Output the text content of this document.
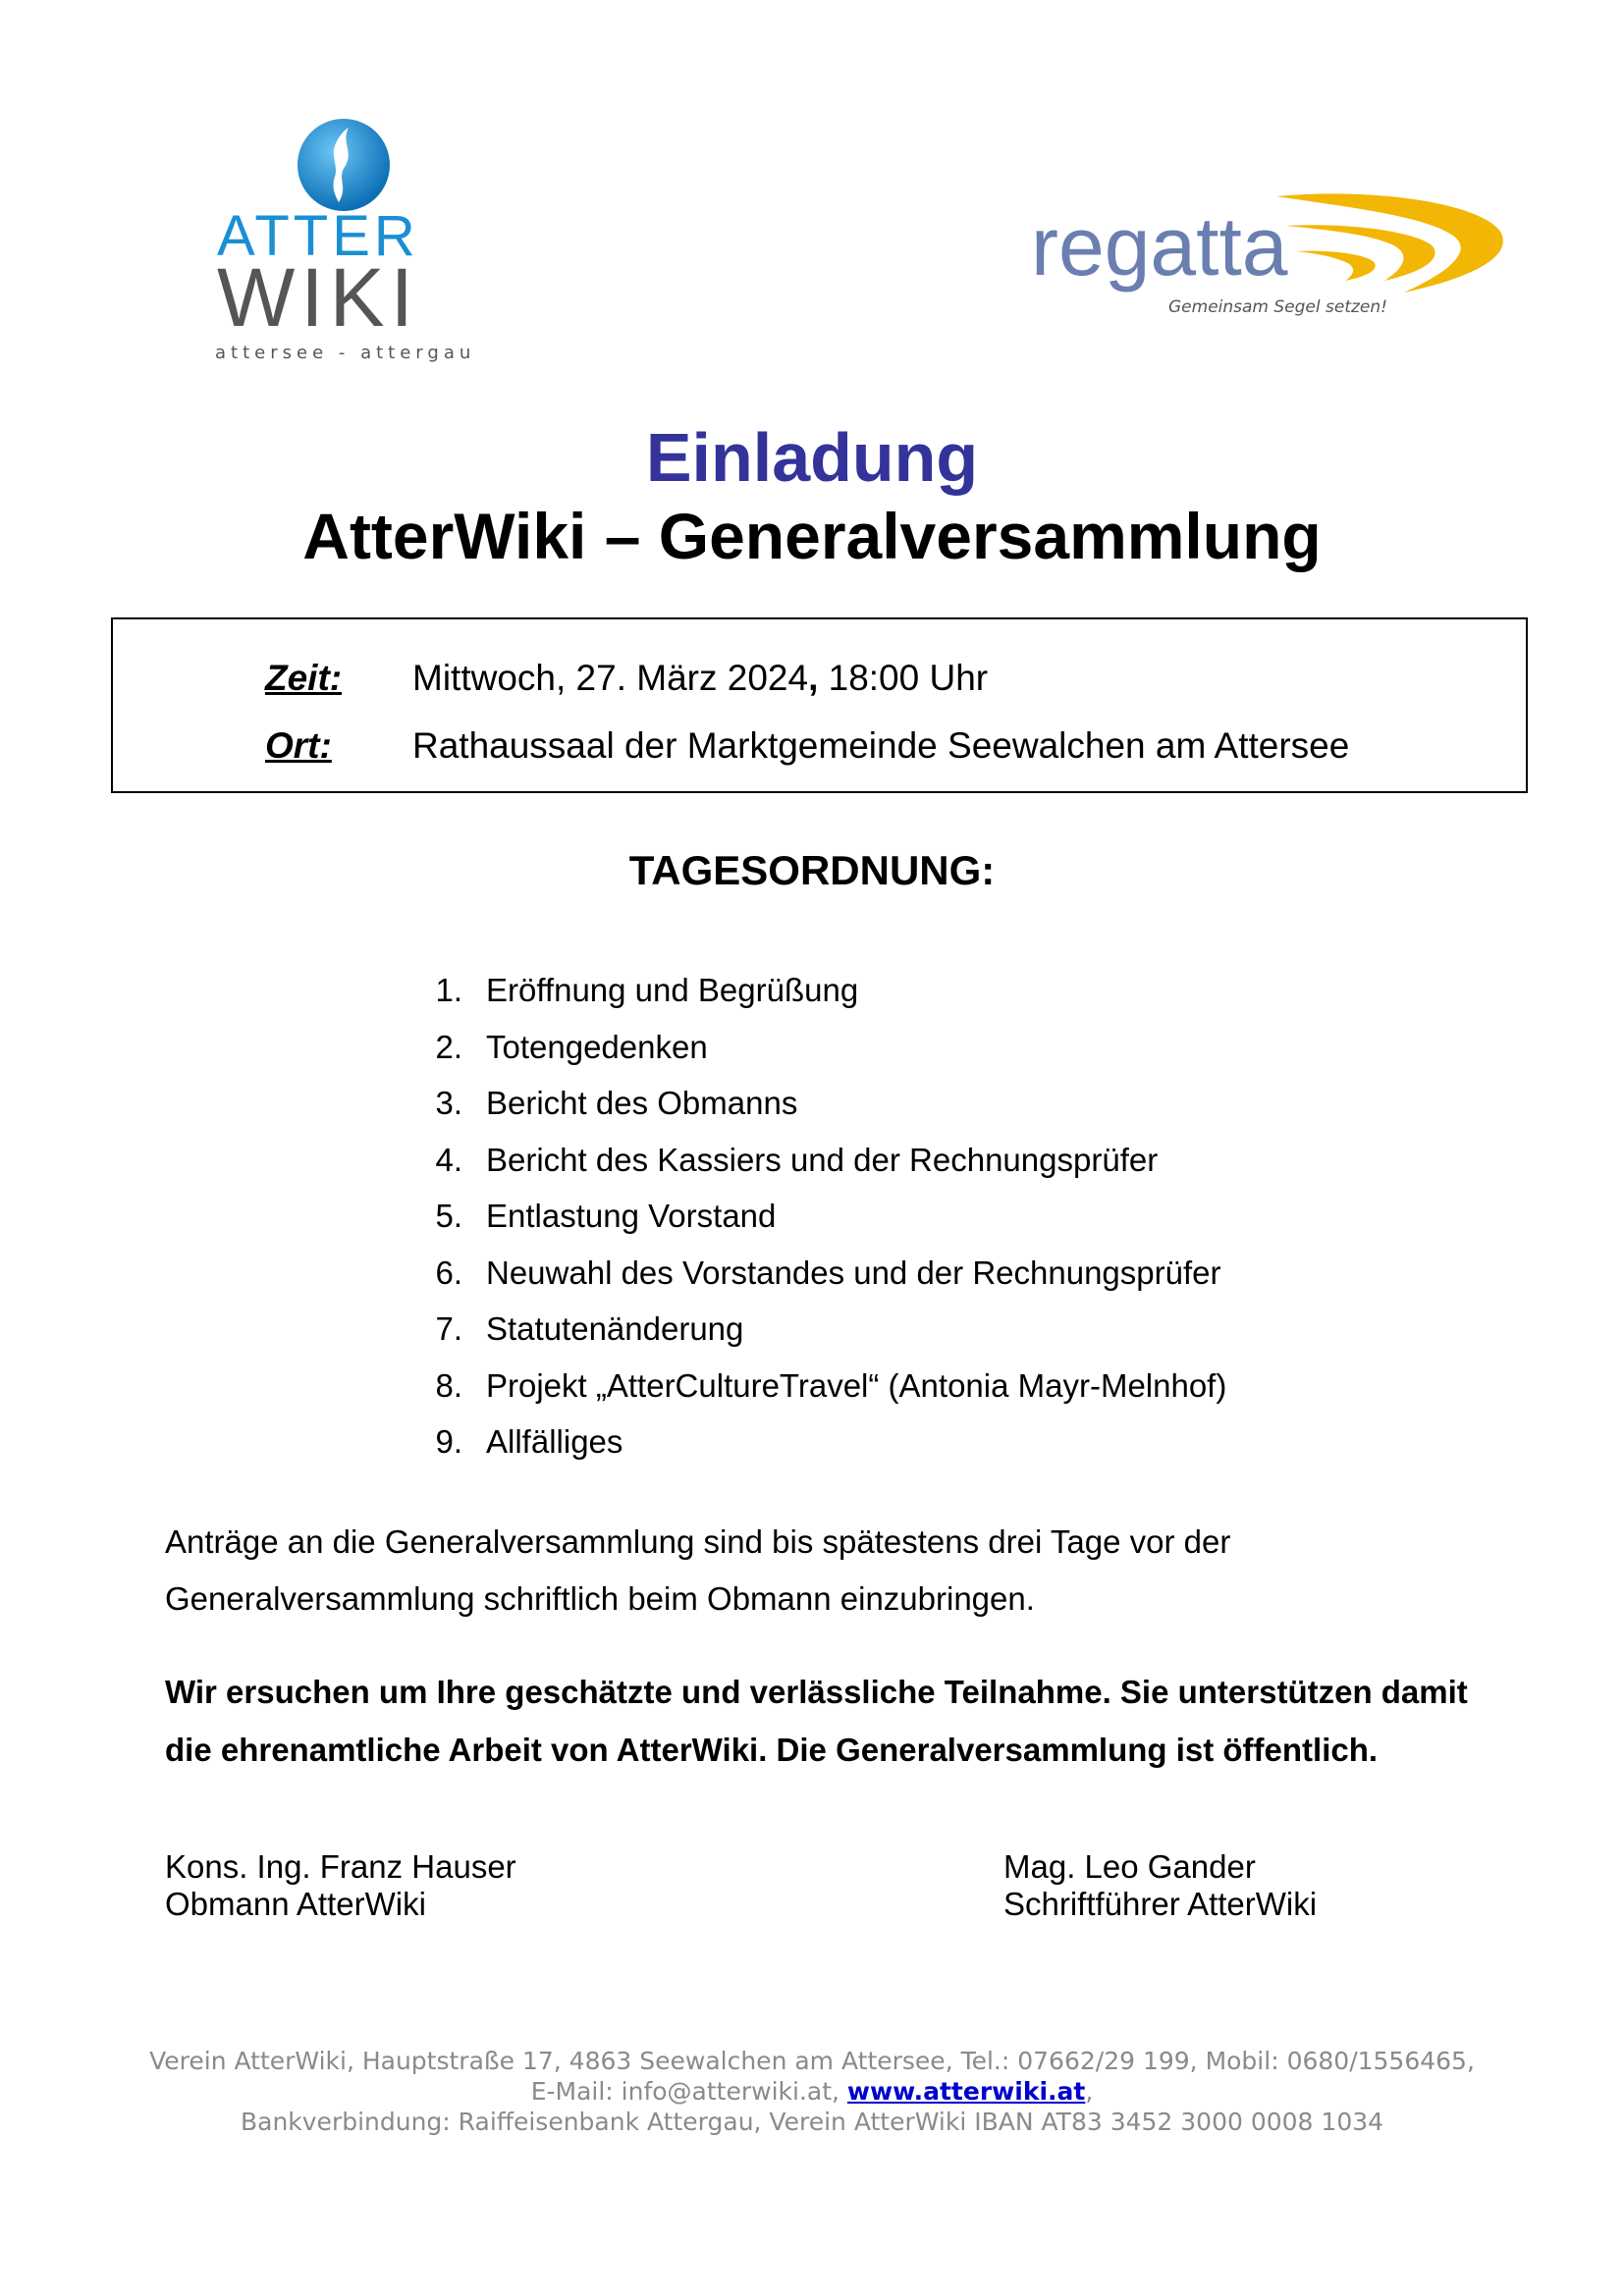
ATTER
WIKI
attersee - attergau
regatta
Gemeinsam Segel setzen!
Einladung
AtterWiki – Generalversammlung
Zeit: Mittwoch, 27. März 2024, 18:00 Uhr
Ort: Rathaussaal der Marktgemeinde Seewalchen am Attersee
TAGESORDNUNG:
1. Eröffnung und Begrüßung
2. Totengedenken
3. Bericht des Obmanns
4. Bericht des Kassiers und der Rechnungsprüfer
5. Entlastung Vorstand
6. Neuwahl des Vorstandes und der Rechnungsprüfer
7. Statutenänderung
8. Projekt „AtterCultureTravel“ (Antonia Mayr-Melnhof)
9. Allfälliges
Anträge an die Generalversammlung sind bis spätestens drei Tage vor der
Generalversammlung schriftlich beim Obmann einzubringen.
Wir ersuchen um Ihre geschätzte und verlässliche Teilnahme. Sie unterstützen damit
die ehrenamtliche Arbeit von AtterWiki. Die Generalversammlung ist öffentlich.
Kons. Ing. Franz Hauser
Obmann AtterWiki
Mag. Leo Gander
Schriftführer AtterWiki
Verein AtterWiki, Hauptstraße 17, 4863 Seewalchen am Attersee, Tel.: 07662/29 199, Mobil: 0680/1556465,
E-Mail: info@atterwiki.at, www.atterwiki.at,
Bankverbindung: Raiffeisenbank Attergau, Verein AtterWiki IBAN AT83 3452 3000 0008 1034
